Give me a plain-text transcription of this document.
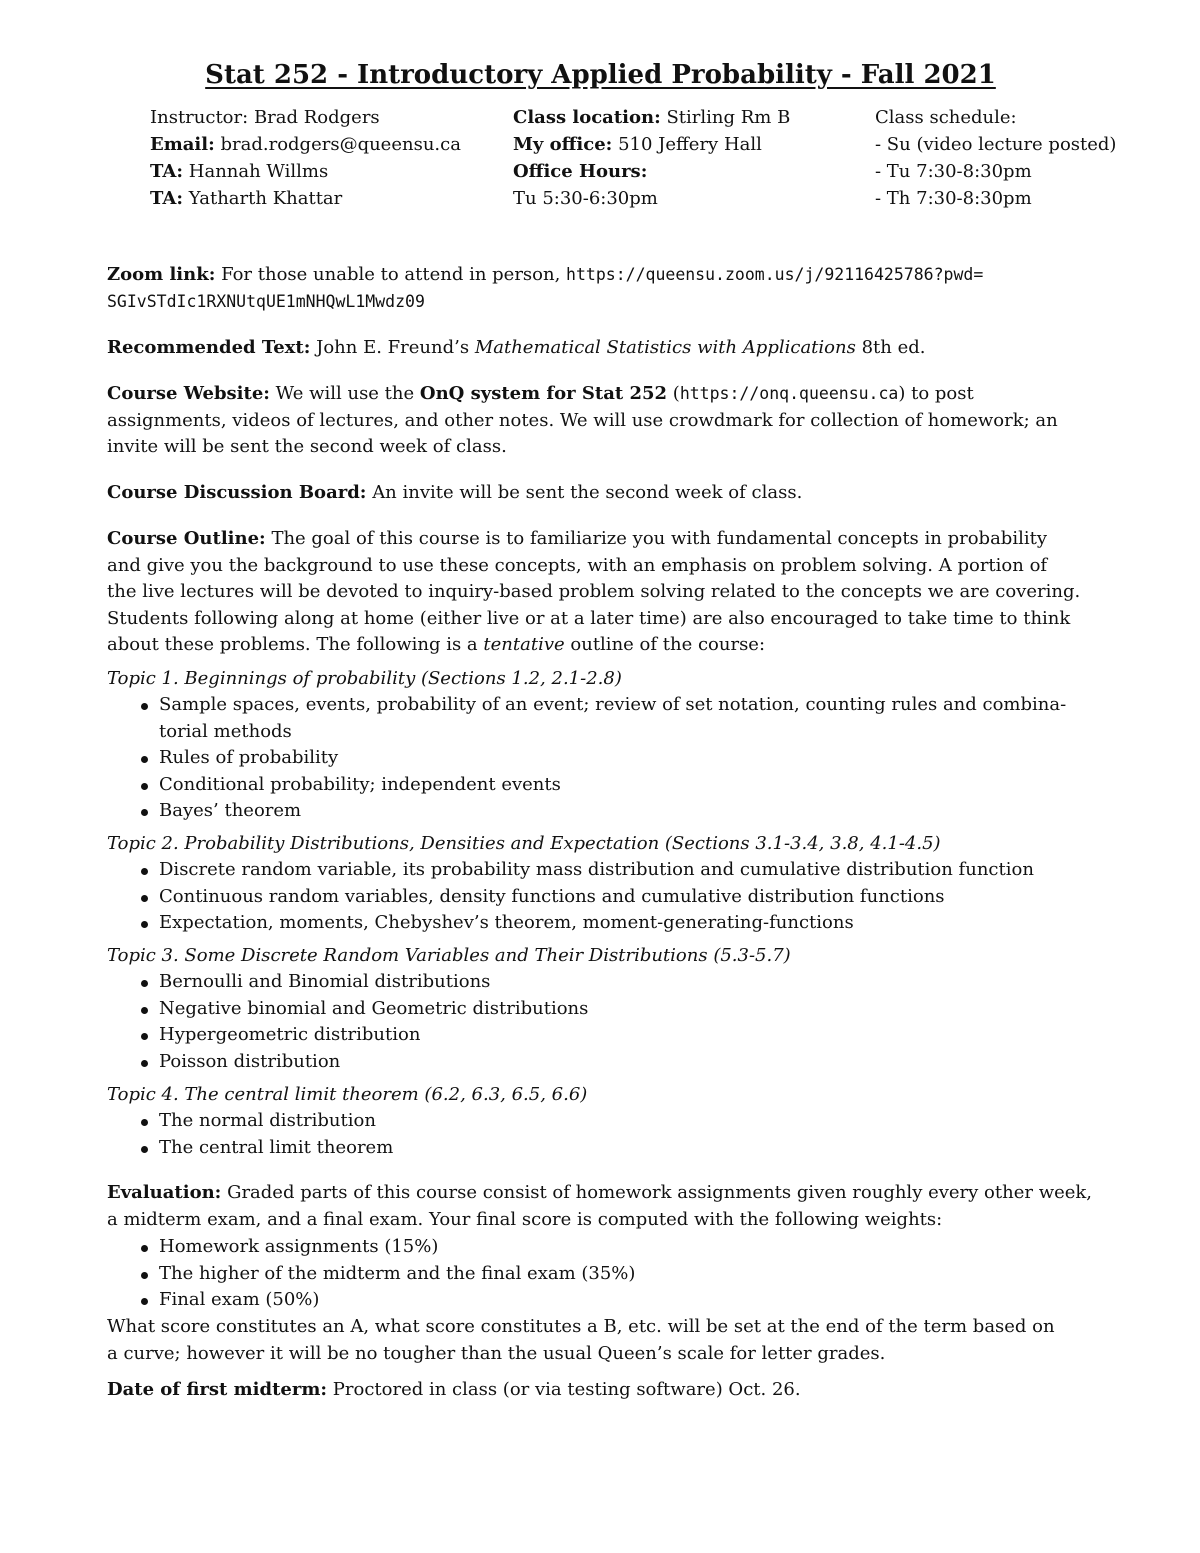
Stat 252 - Introductory Applied Probability - Fall 2021
Instructor: Brad Rodgers
Email: brad.rodgers@queensu.ca
TA: Hannah Willms
TA: Yatharth Khattar
Class location: Stirling Rm B
My office: 510 Jeffery Hall
Office Hours:
Tu 5:30-6:30pm
Class schedule:
- Su (video lecture posted)
- Tu 7:30-8:30pm
- Th 7:30-8:30pm
Zoom link: For those unable to attend in person, https://queensu.zoom.us/j/92116425786?pwd=
SGIvSTdIc1RXNUtqUE1mNHQwL1Mwdz09
Recommended Text: John E. Freund’s Mathematical Statistics with Applications 8th ed.
Course Website: We will use the OnQ system for Stat 252 (https://onq.queensu.ca) to post
assignments, videos of lectures, and other notes. We will use crowdmark for collection of homework; an
invite will be sent the second week of class.
Course Discussion Board: An invite will be sent the second week of class.
Course Outline: The goal of this course is to familiarize you with fundamental concepts in probability
and give you the background to use these concepts, with an emphasis on problem solving. A portion of
the live lectures will be devoted to inquiry-based problem solving related to the concepts we are covering.
Students following along at home (either live or at a later time) are also encouraged to take time to think
about these problems. The following is a tentative outline of the course:
Topic 1. Beginnings of probability (Sections 1.2, 2.1-2.8)
Sample spaces, events, probability of an event; review of set notation, counting rules and combina-
torial methods
Rules of probability
Conditional probability; independent events
Bayes’ theorem
Topic 2. Probability Distributions, Densities and Expectation (Sections 3.1-3.4, 3.8, 4.1-4.5)
Discrete random variable, its probability mass distribution and cumulative distribution function
Continuous random variables, density functions and cumulative distribution functions
Expectation, moments, Chebyshev’s theorem, moment-generating-functions
Topic 3. Some Discrete Random Variables and Their Distributions (5.3-5.7)
Bernoulli and Binomial distributions
Negative binomial and Geometric distributions
Hypergeometric distribution
Poisson distribution
Topic 4. The central limit theorem (6.2, 6.3, 6.5, 6.6)
The normal distribution
The central limit theorem
Evaluation: Graded parts of this course consist of homework assignments given roughly every other week,
a midterm exam, and a final exam. Your final score is computed with the following weights:
Homework assignments (15%)
The higher of the midterm and the final exam (35%)
Final exam (50%)
What score constitutes an A, what score constitutes a B, etc. will be set at the end of the term based on
a curve; however it will be no tougher than the usual Queen’s scale for letter grades.
Date of first midterm: Proctored in class (or via testing software) Oct. 26.
